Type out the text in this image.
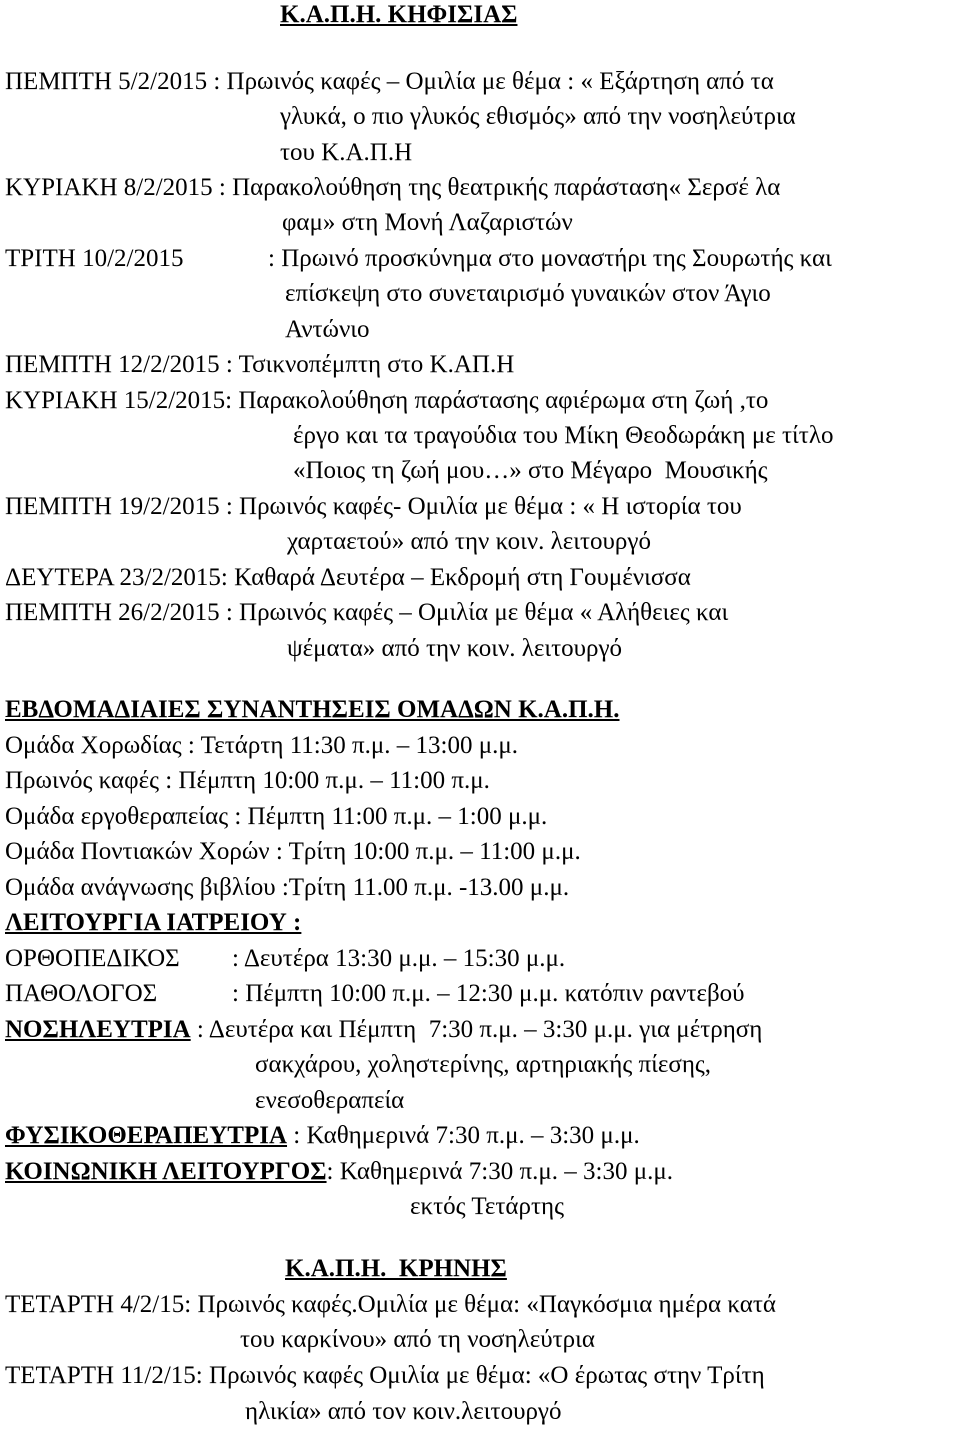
Κ.Α.Π.Η. ΚΗΦΙΣΙΑΣ
ΠΕΜΠΤΗ 5/2/2015 : Πρωινός καφές – Ομιλία με θέμα : « Εξάρτηση από τα
γλυκά, ο πιο γλυκός εθισμός» από την νοσηλεύτρια
του Κ.Α.Π.Η
ΚΥΡΙΑΚΗ 8/2/2015 : Παρακολούθηση της θεατρικής παράσταση« Σερσέ λα
φαμ» στη Μονή Λαζαριστών
ΤΡΙΤΗ 10/2/2015	: Πρωινό προσκύνημα στο μοναστήρι της Σουρωτής και
επίσκεψη στο συνεταιρισμό γυναικών στον Άγιο
Αντώνιο
ΠΕΜΠΤΗ 12/2/2015 : Τσικνοπέμπτη στο Κ.ΑΠ.Η
ΚΥΡΙΑΚΗ 15/2/2015: Παρακολούθηση παράστασης αφιέρωμα στη ζωή ,το
έργο και τα τραγούδια του Μίκη Θεοδωράκη με τίτλο
«Ποιος τη ζωή μου…» στο Μέγαρο  Μουσικής
ΠΕΜΠΤΗ 19/2/2015 : Πρωινός καφές- Ομιλία με θέμα : « Η ιστορία του
χαρταετού» από την κοιν. λειτουργό
ΔΕΥΤΕΡΑ 23/2/2015: Καθαρά Δευτέρα – Εκδρομή στη Γουμένισσα
ΠΕΜΠΤΗ 26/2/2015 : Πρωινός καφές – Ομιλία με θέμα « Αλήθειες και
ψέματα» από την κοιν. λειτουργό
ΕΒΔΟΜΑΔΙΑΙΕΣ ΣΥΝΑΝΤΗΣΕΙΣ ΟΜΑΔΩΝ Κ.Α.Π.Η.
Ομάδα Χορωδίας : Τετάρτη 11:30 π.μ. – 13:00 μ.μ.
Πρωινός καφές : Πέμπτη 10:00 π.μ. – 11:00 π.μ.
Ομάδα εργοθεραπείας : Πέμπτη 11:00 π.μ. – 1:00 μ.μ.
Ομάδα Ποντιακών Χορών : Τρίτη 10:00 π.μ. – 11:00 μ.μ.
Ομάδα ανάγνωσης βιβλίου :Τρίτη 11.00 π.μ. -13.00 μ.μ.
ΛΕΙΤΟΥΡΓΙΑ ΙΑΤΡΕΙΟΥ :
ΟΡΘΟΠΕΔΙΚΟΣ : Δευτέρα 13:30 μ.μ. – 15:30 μ.μ.
ΠΑΘΟΛΟΓΟΣ	: Πέμπτη 10:00 π.μ. – 12:30 μ.μ. κατόπιν ραντεβού
ΝΟΣΗΛΕΥΤΡΙΑ : Δευτέρα και Πέμπτη  7:30 π.μ. – 3:30 μ.μ. για μέτρηση
σακχάρου, χοληστερίνης, αρτηριακής πίεσης,
ενεσοθεραπεία
ΦΥΣΙΚΟΘΕΡΑΠΕΥΤΡΙΑ : Καθημερινά 7:30 π.μ. – 3:30 μ.μ.
ΚΟΙΝΩΝΙΚΗ ΛΕΙΤΟΥΡΓΟΣ: Καθημερινά 7:30 π.μ. – 3:30 μ.μ.
εκτός Τετάρτης
Κ.Α.Π.Η.  ΚΡΗΝΗΣ
ΤΕΤΑΡΤΗ 4/2/15: Πρωινός καφές.Ομιλία με θέμα: «Παγκόσμια ημέρα κατά
του καρκίνου» από τη νοσηλεύτρια
ΤΕΤΑΡΤΗ 11/2/15: Πρωινός καφές Ομιλία με θέμα: «Ο έρωτας στην Τρίτη
ηλικία» από τον κοιν.λειτουργό
